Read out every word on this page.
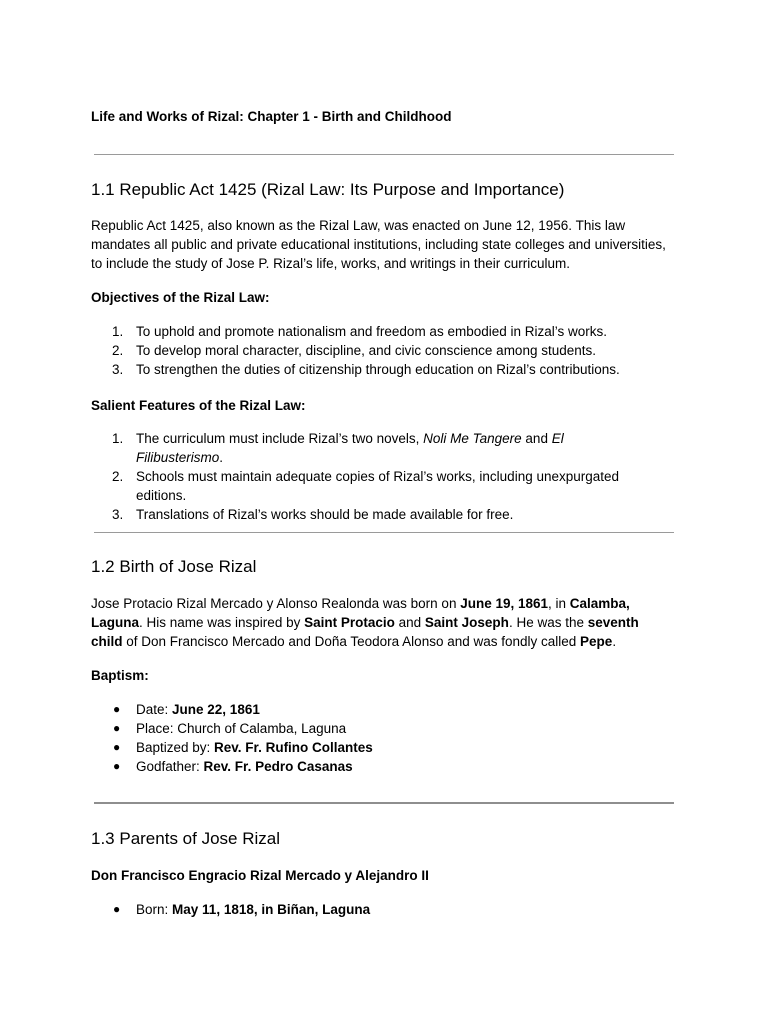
Life and Works of Rizal: Chapter 1 - Birth and Childhood

1.1 Republic Act 1425 (Rizal Law: Its Purpose and Importance)

Republic Act 1425, also known as the Rizal Law, was enacted on June 12, 1956. This law mandates all public and private educational institutions, including state colleges and universities, to include the study of Jose P. Rizal’s life, works, and writings in their curriculum.

Objectives of the Rizal Law:

1. To uphold and promote nationalism and freedom as embodied in Rizal’s works.
2. To develop moral character, discipline, and civic conscience among students.
3. To strengthen the duties of citizenship through education on Rizal’s contributions.

Salient Features of the Rizal Law:

1. The curriculum must include Rizal’s two novels, Noli Me Tangere and El Filibusterismo.
2. Schools must maintain adequate copies of Rizal’s works, including unexpurgated editions.
3. Translations of Rizal’s works should be made available for free.
1.2 Birth of Jose Rizal

Jose Protacio Rizal Mercado y Alonso Realonda was born on June 19, 1861, in Calamba, Laguna. His name was inspired by Saint Protacio and Saint Joseph. He was the seventh child of Don Francisco Mercado and Doña Teodora Alonso and was fondly called Pepe.

Baptism:

● Date: June 22, 1861
● Place: Church of Calamba, Laguna
● Baptized by: Rev. Fr. Rufino Collantes
● Godfather: Rev. Fr. Pedro Casanas
1.3 Parents of Jose Rizal

Don Francisco Engracio Rizal Mercado y Alejandro II

● Born: May 11, 1818, in Biñan, Laguna
